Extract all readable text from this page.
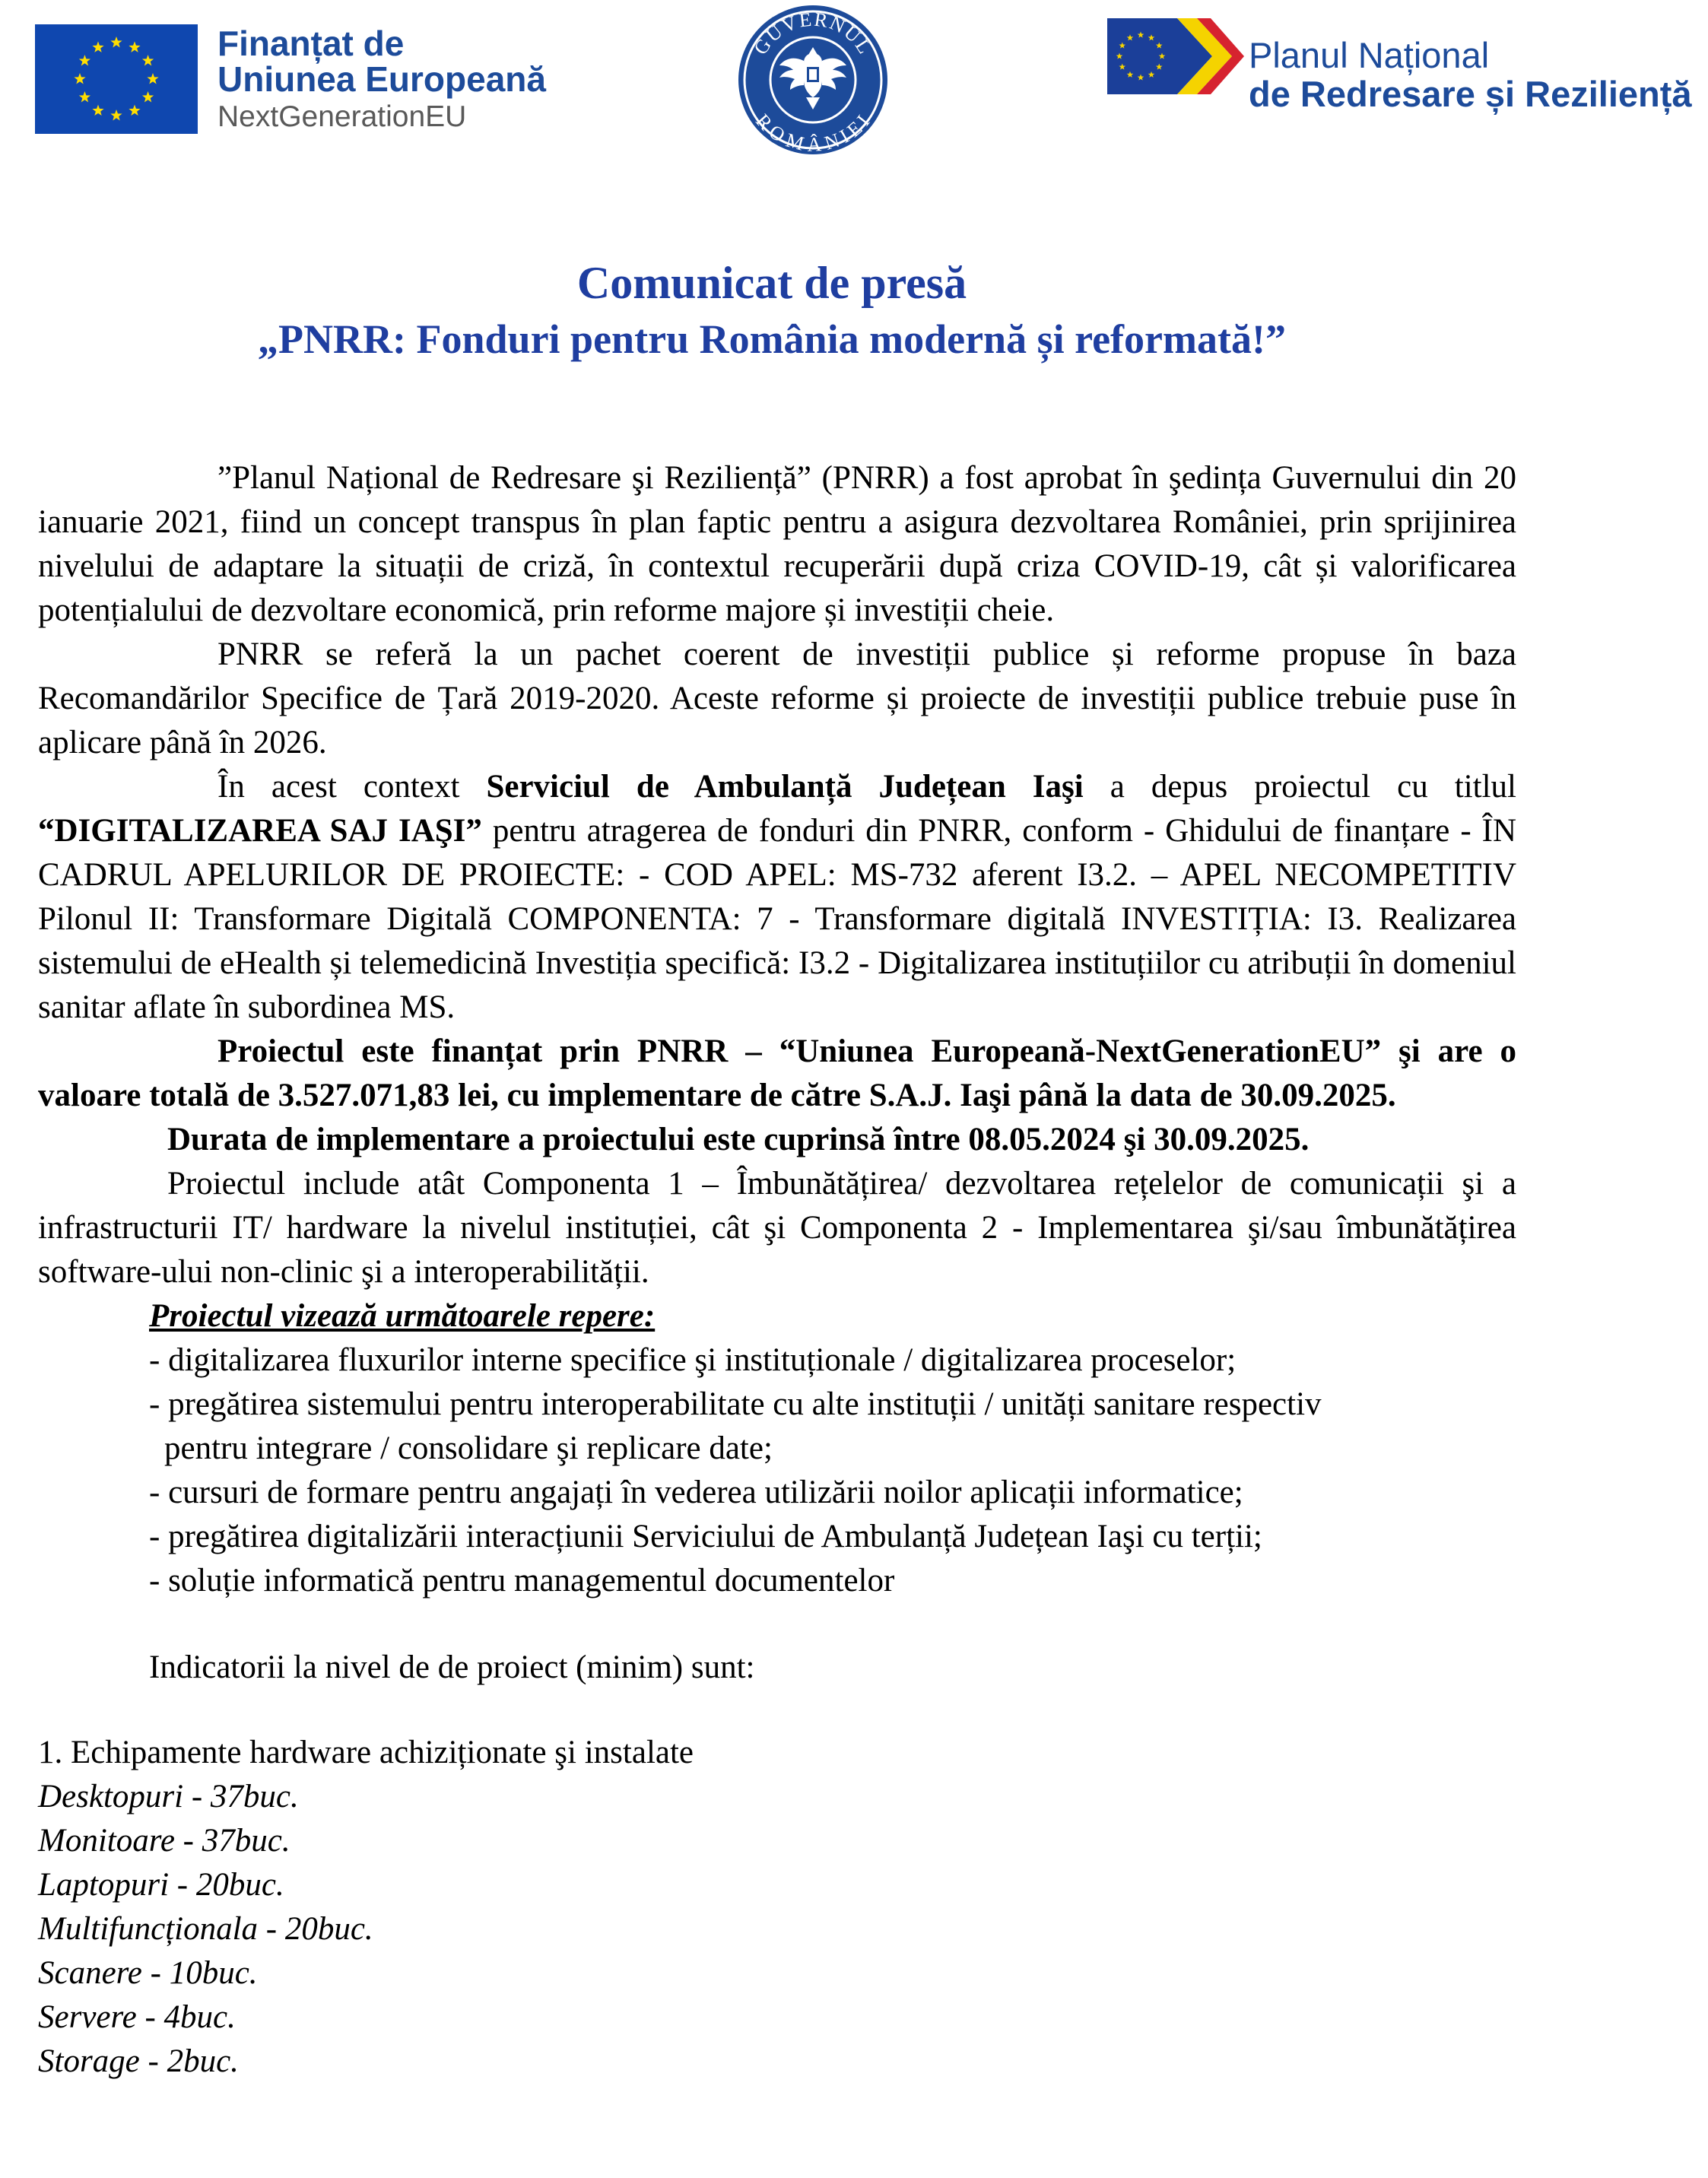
Finanțat de
Uniunea Europeană
NextGenerationEU
GUVERNUL
ROMÂNIEI
Planul Național
de Redresare și Reziliență
Comunicat de presă
„PNRR: Fonduri pentru România modernă și reformată!”

”Planul Național de Redresare şi Reziliență” (PNRR) a fost aprobat în şedința Guvernului din 20 ianuarie 2021, fiind un concept transpus în plan faptic pentru a asigura dezvoltarea României, prin sprijinirea nivelului de adaptare la situații de criză, în contextul recuperării după criza COVID-19, cât și valorificarea potențialului de dezvoltare economică, prin reforme majore și investiții cheie.

PNRR se referă la un pachet coerent de investiții publice și reforme propuse în baza Recomandărilor Specifice de Țară 2019-2020. Aceste reforme și proiecte de investiții publice trebuie puse în aplicare până în 2026.

În acest context Serviciul de Ambulanță Județean Iaşi a depus proiectul cu titlul “DIGITALIZAREA SAJ IAŞI” pentru atragerea de fonduri din PNRR, conform - Ghidului de finanțare - ÎN CADRUL APELURILOR DE PROIECTE: - COD APEL: MS-732 aferent I3.2. – APEL NECOMPETITIV Pilonul II: Transformare Digitală COMPONENTA: 7 - Transformare digitală INVESTIȚIA: I3. Realizarea sistemului de eHealth și telemedicină Investiția specifică: I3.2 - Digitalizarea instituțiilor cu atribuții în domeniul sanitar aflate în subordinea MS.

Proiectul este finanțat prin PNRR – “Uniunea Europeană-NextGenerationEU” şi are o valoare totală de 3.527.071,83 lei, cu implementare de către S.A.J. Iaşi până la data de 30.09.2025.

Durata de implementare a proiectului este cuprinsă între 08.05.2024 şi 30.09.2025.

Proiectul include atât Componenta 1 – Îmbunătățirea/ dezvoltarea rețelelor de comunicații şi a infrastructurii IT/ hardware la nivelul instituției, cât şi Componenta 2 - Implementarea şi/sau îmbunătățirea software-ului non-clinic şi a interoperabilității.

Proiectul vizează următoarele repere:

- digitalizarea fluxurilor interne specifice şi instituționale / digitalizarea proceselor;

- pregătirea sistemului pentru interoperabilitate cu alte instituții / unități sanitare respectiv

pentru integrare / consolidare şi replicare date;

- cursuri de formare pentru angajați în vederea utilizării noilor aplicații informatice;

- pregătirea digitalizării interacțiunii Serviciului de Ambulanță Județean Iaşi cu terții;

- soluție informatică pentru managementul documentelor

Indicatorii la nivel de de proiect (minim) sunt:

1. Echipamente hardware achiziționate şi instalate

Desktopuri - 37buc.

Monitoare - 37buc.

Laptopuri - 20buc.

Multifuncționala - 20buc.

Scanere - 10buc.

Servere - 4buc.

Storage - 2buc.
